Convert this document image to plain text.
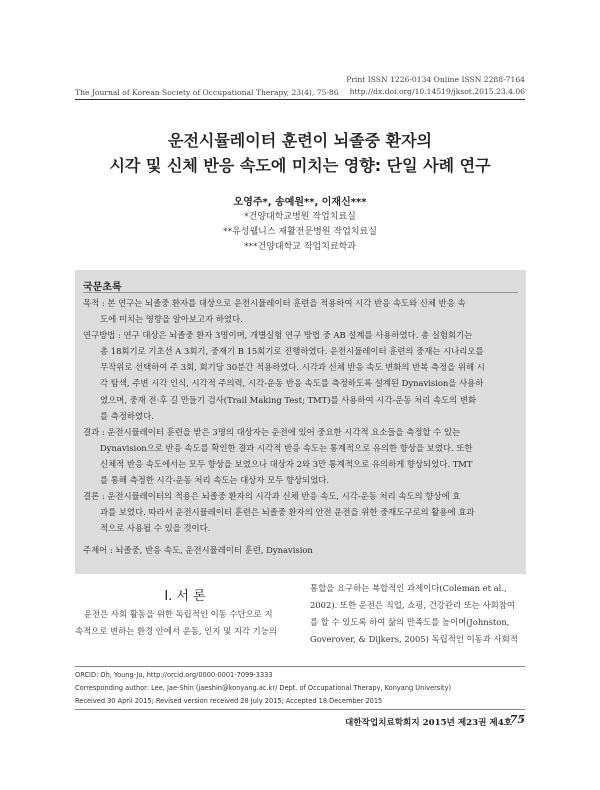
The Journal of Korean Society of Occupational Therapy, 23(4), 75-86
Print ISSN 1226-0134 Online ISSN 2288-7164
http://dx.doi.org/10.14519/jksot.2015.23.4.06
운전시뮬레이터 훈련이 뇌졸중 환자의
시각 및 신체 반응 속도에 미치는 영향: 단일 사례 연구
오영주*, 송예원**, 이재신***
*건양대학교병원 작업치료실
**유성웰니스 재활전문병원 작업치료실
***건양대학교 작업치료학과
국문초록
목적 : 본 연구는 뇌졸중 환자를 대상으로 운전시뮬레이터 훈련을 적용하여 시각 반응 속도와 신체 반응 속
도에 미치는 영향을 알아보고자 하였다.
연구방법 : 연구 대상은 뇌졸중 환자 3명이며, 개별실험 연구 방법 중 AB 설계를 사용하였다. 총 실험회기는
총 18회기로 기초선 A 3회기, 중재기 B 15회기로 진행하였다. 운전시뮬레이터 훈련의 중재는 시나리오를
무작위로 선택하여 주 3회, 회기당 30분간 적용하였다. 시각과 신체 반응 속도 변화의 반복 측정을 위해 시
각 탐색, 주변 시각 인식, 시각적 주의력, 시각-운동 반응 속도를 측정하도록 설계된 Dynavision을 사용하
였으며, 중재 전·후 길 만들기 검사(Trail Making Test; TMT)를 사용하여 시각-운동 처리 속도의 변화
를 측정하였다.
결과 : 운전시뮬레이터 훈련을 받은 3명의 대상자는 운전에 있어 중요한 시각적 요소들을 측정할 수 있는
Dynavision으로 반응 속도를 확인한 결과 시각적 반응 속도는 통계적으로 유의한 향상을 보였다. 또한
신체적 반응 속도에서는 모두 향상을 보였으나 대상자 2와 3만 통계적으로 유의하게 향상되었다. TMT
를 통해 측정한 시각-운동 처리 속도는 대상자 모두 향상되었다.
결론 : 운전시뮬레이터의 적용은 뇌졸중 환자의 시각과 신체 반응 속도, 시각-운동 처리 속도의 향상에 효
과를 보였다. 따라서 운전시뮬레이터 훈련은 뇌졸중 환자의 안전 운전을 위한 중재도구로의 활용에 효과
적으로 사용될 수 있을 것이다.
주제어 : 뇌졸중, 반응 속도, 운전시뮬레이터 훈련, Dynavision
Ⅰ. 서 론
운전은 사회 활동을 위한 독립적인 이동 수단으로 지
속적으로 변하는 환경 안에서 운동, 인지 및 지각 기능의
통합을 요구하는 복합적인 과제이다(Coleman et al.,
2002). 또한 운전은 직업, 쇼핑, 건강관리 또는 사회참여
를 할 수 있도록 하여 삶의 만족도를 높이며(Johnston,
Goverover, & Dijkers, 2005) 독립적인 이동과 사회적
ORCID: Oh, Young-Ju, http://orcid.org/0000-0001-7099-3333
Corresponding author: Lee, Jae-Shin (jaeshin@konyang.ac.kr/ Dept. of Occupational Therapy, Konyang University)
Received 30 April 2015; Revised version received 28 July 2015; Accepted 18 December 2015
대한작업치료학회지 2015년 제23권 제4호
75
